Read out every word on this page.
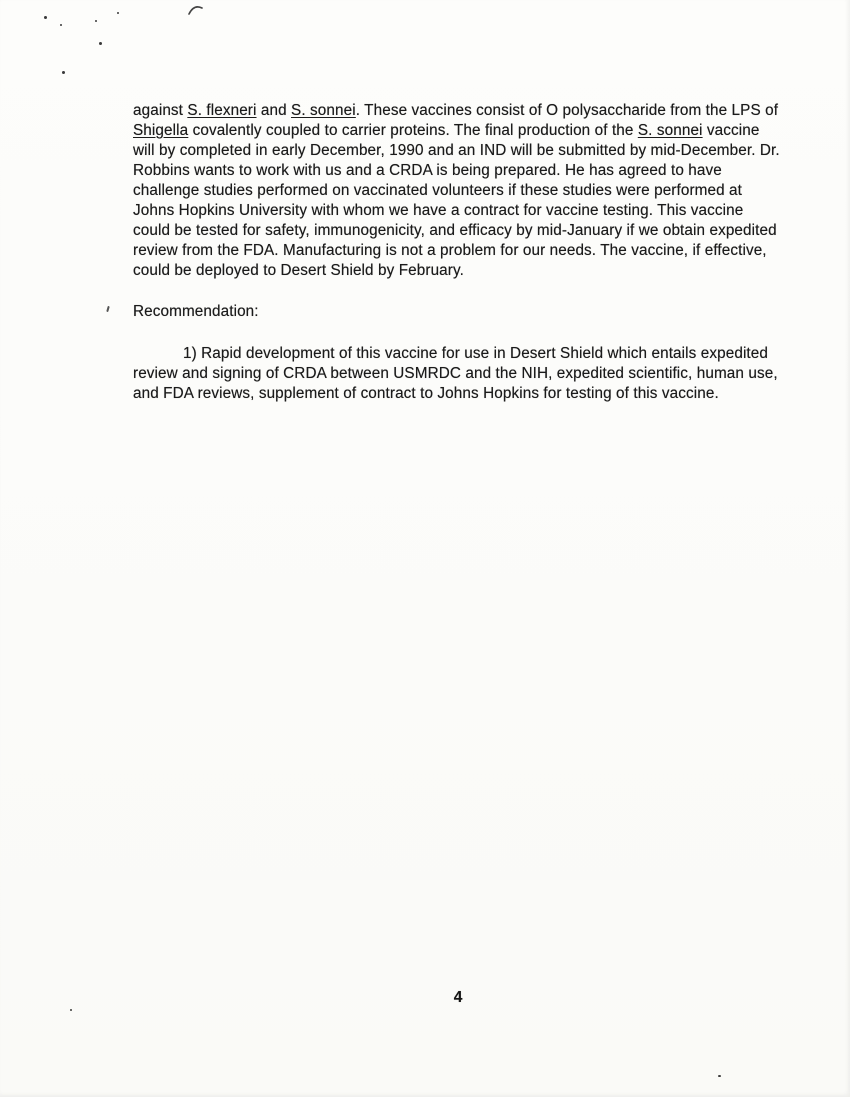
against S. flexneri and S. sonnei. These vaccines consist of O polysaccharide from the LPS of Shigella covalently coupled to carrier proteins. The final production of the S. sonnei vaccine will by completed in early December, 1990 and an IND will be submitted by mid-December. Dr. Robbins wants to work with us and a CRDA is being prepared. He has agreed to have challenge studies performed on vaccinated volunteers if these studies were performed at Johns Hopkins University with whom we have a contract for vaccine testing. This vaccine could be tested for safety, immunogenicity, and efficacy by mid-January if we obtain expedited review from the FDA. Manufacturing is not a problem for our needs. The vaccine, if effective, could be deployed to Desert Shield by February.

Recommendation:

1) Rapid development of this vaccine for use in Desert Shield which entails expedited review and signing of CRDA between USMRDC and the NIH, expedited scientific, human use, and FDA reviews, supplement of contract to Johns Hopkins for testing of this vaccine.

4
